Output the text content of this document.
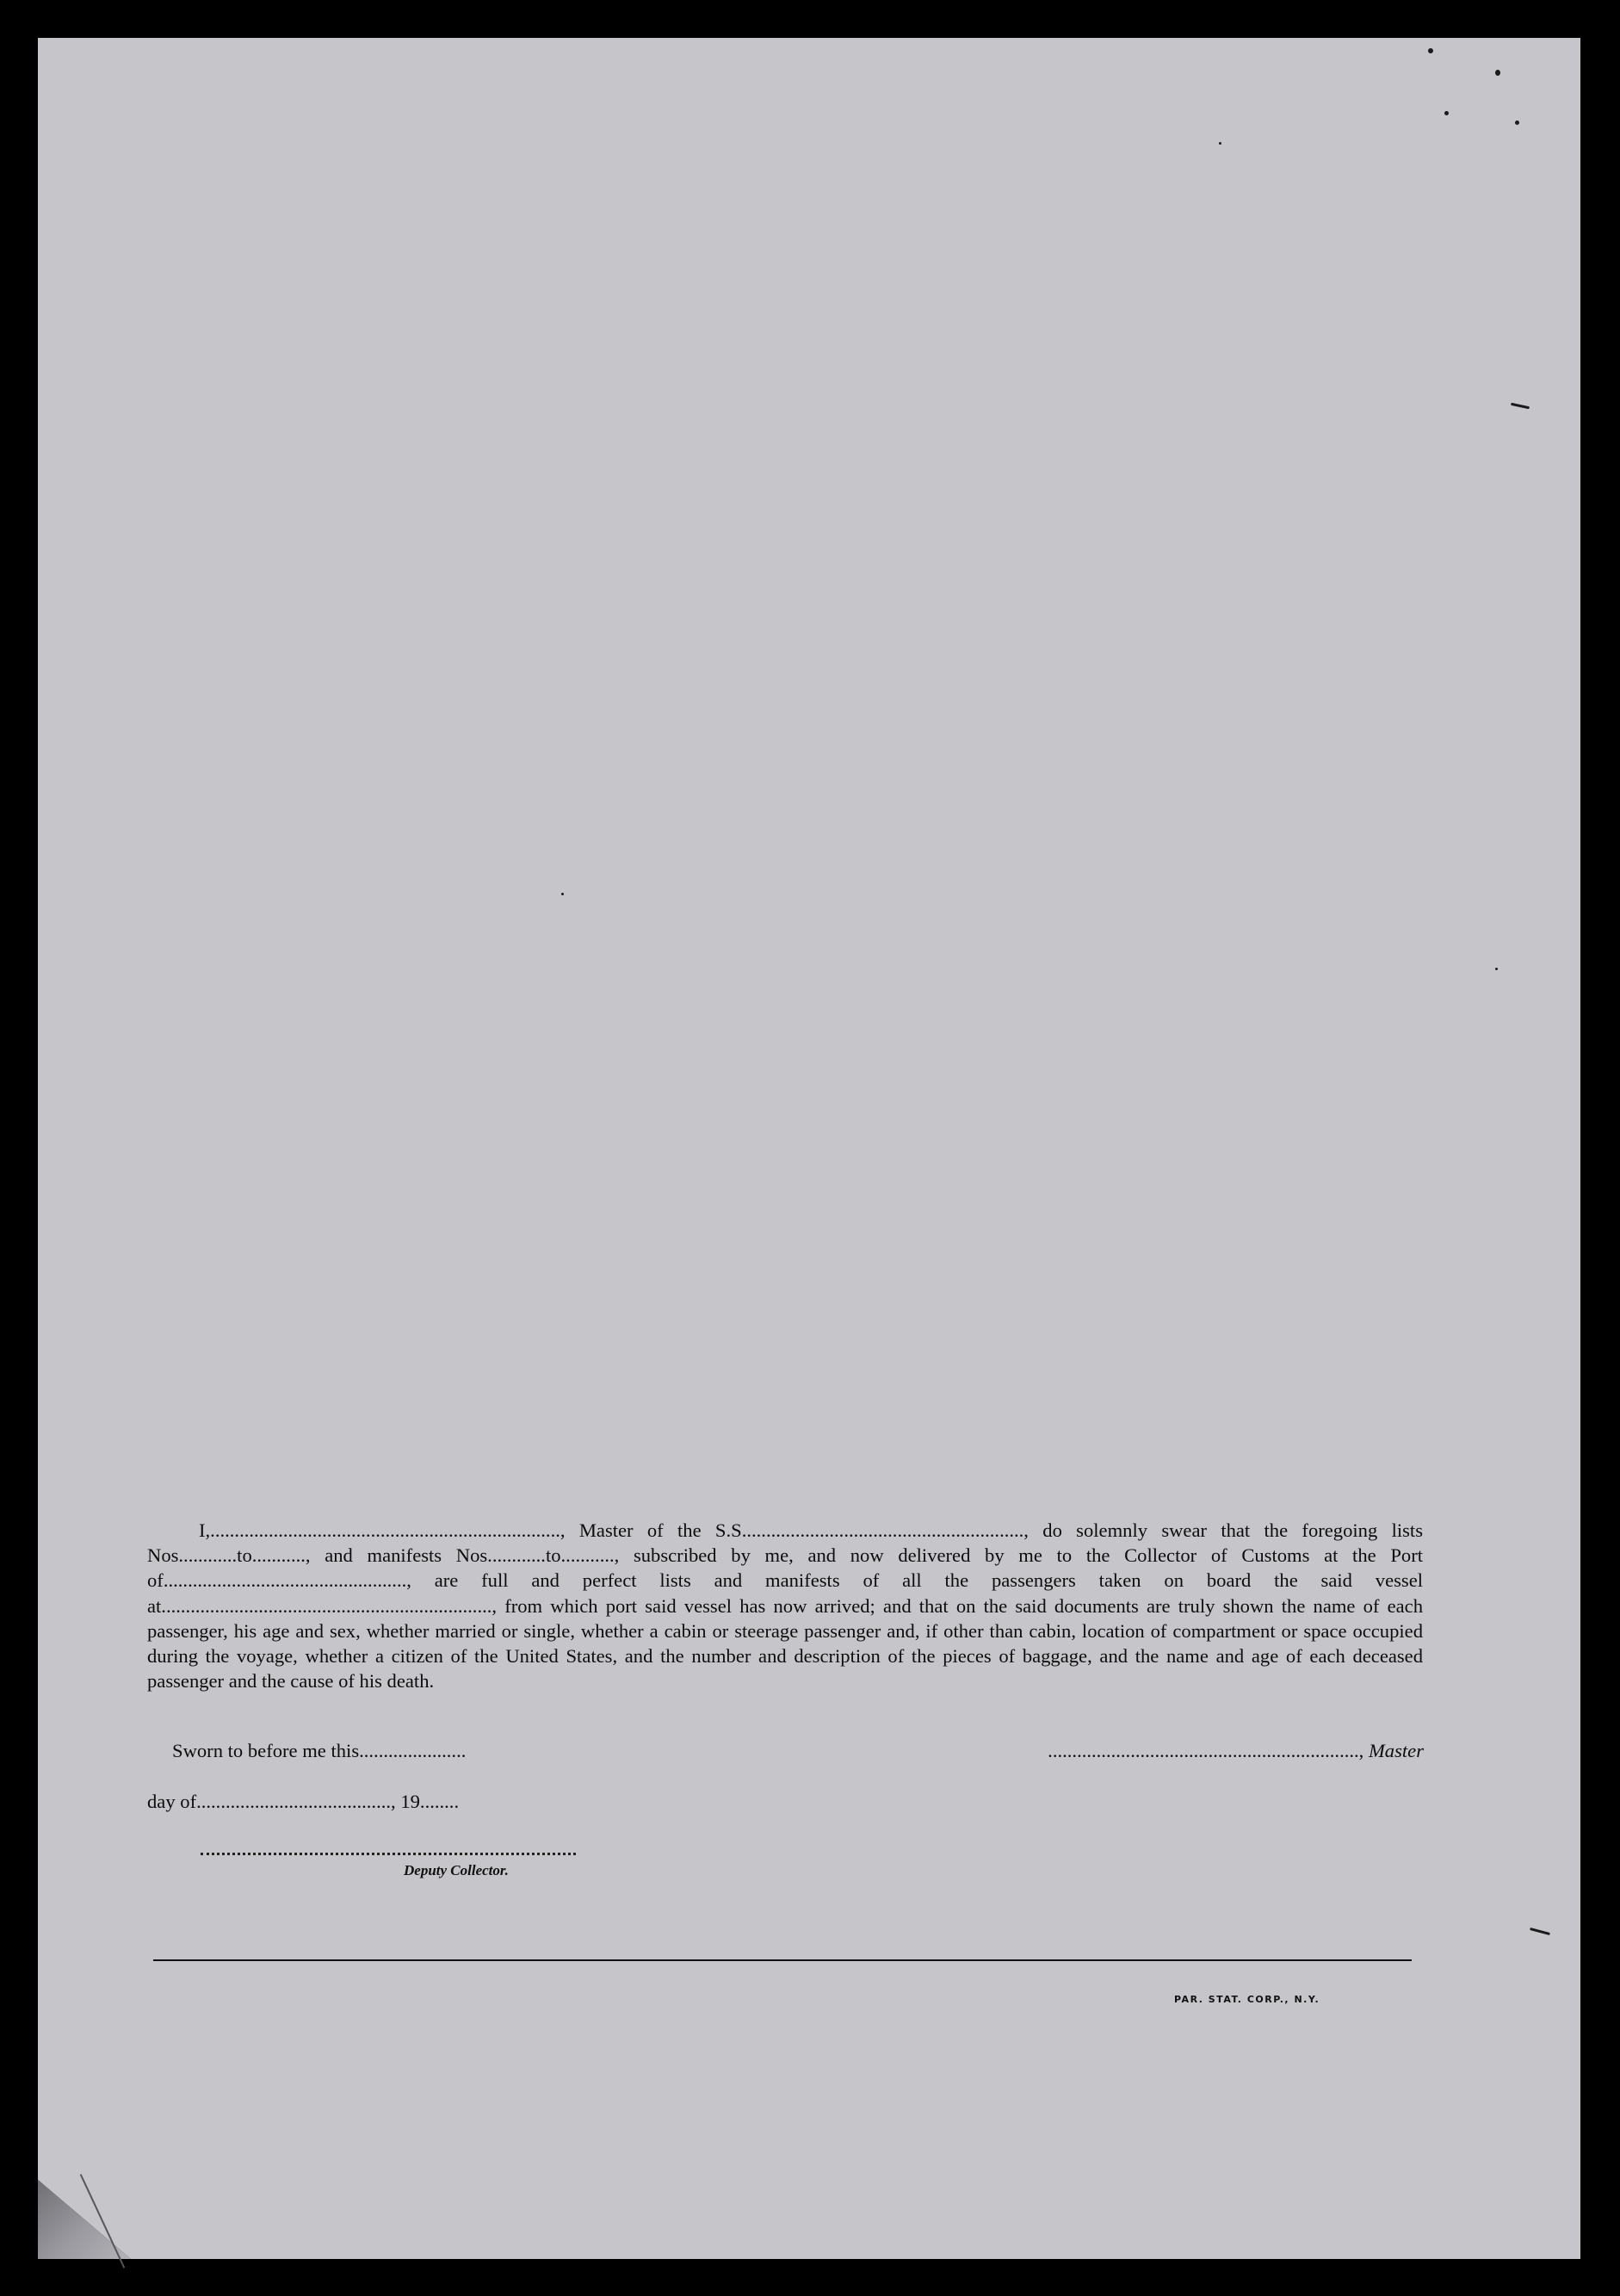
I,........................................................................, Master of the S.S.........................................................., do solemnly swear that the foregoing lists Nos............to..........., and manifests Nos............to..........., subscribed by me, and now delivered by me to the Collector of Customs at the Port of.................................................., are full and perfect lists and manifests of all the passengers taken on board the said vessel at...................................................................., from which port said vessel has now arrived; and that on the said documents are truly shown the name of each passenger, his age and sex, whether married or single, whether a cabin or steerage passenger and, if other than cabin, location of compartment or space occupied during the voyage, whether a citizen of the United States, and the number and description of the pieces of baggage, and the name and age of each deceased passenger and the cause of his death.

Sworn to before me this......................	................................................................, Master
day of........................................, 19........
Deputy Collector.
PAR. STAT. CORP., N.Y.
